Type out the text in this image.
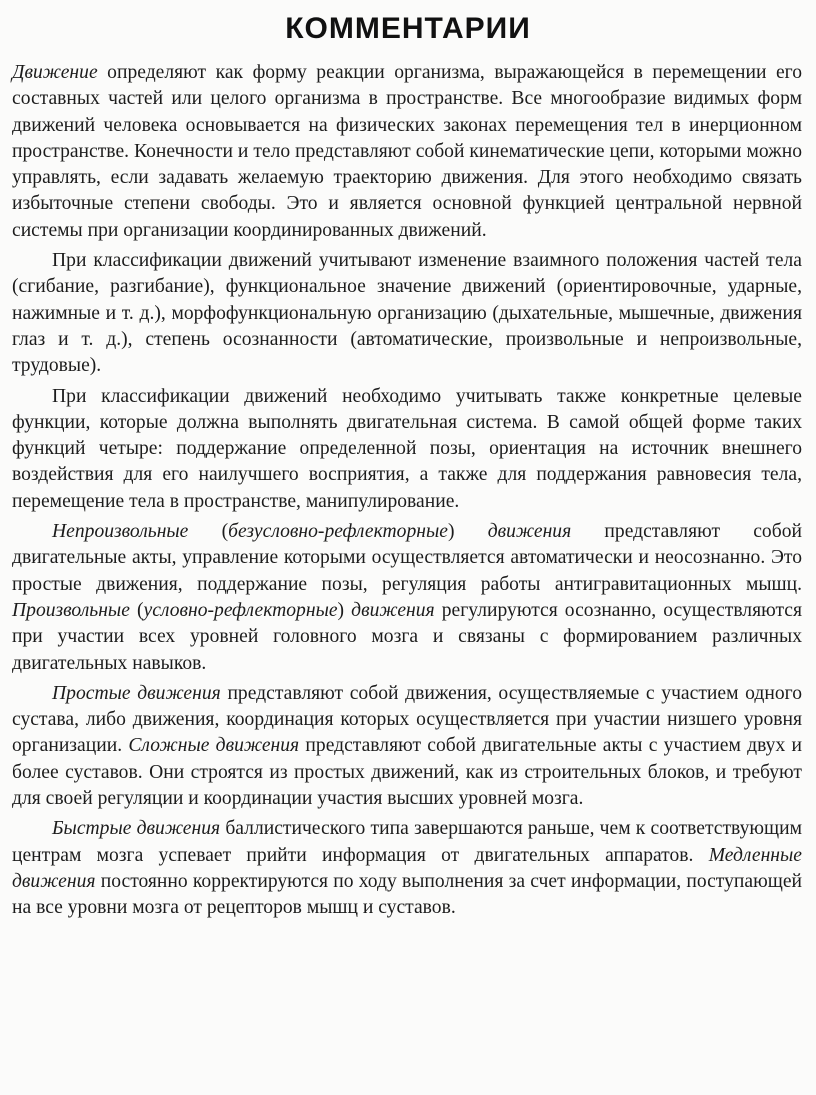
КОММЕНТАРИИ

Движение определяют как форму реакции организма, выражающейся в перемещении его составных частей или целого организма в пространстве. Все многообразие видимых форм движений человека основывается на физических законах перемещения тел в инерционном пространстве. Конечности и тело представляют собой кинематические цепи, которыми можно управлять, если задавать желаемую траекторию движения. Для этого необходимо связать избыточные степени свободы. Это и является основной функцией центральной нервной системы при организации координированных движений.

При классификации движений учитывают изменение взаимного положения частей тела (сгибание, разгибание), функциональное значение движений (ориентировочные, ударные, нажимные и т. д.), морфофункциональную организацию (дыхательные, мышечные, движения глаз и т. д.), степень осознанности (автоматические, произвольные и непроизвольные, трудовые).

При классификации движений необходимо учитывать также конкретные целевые функции, которые должна выполнять двигательная система. В самой общей форме таких функций четыре: поддержание определенной позы, ориентация на источник внешнего воздействия для его наилучшего восприятия, а также для поддержания равновесия тела, перемещение тела в пространстве, манипулирование.

Непроизвольные (безусловно-рефлекторные) движения представляют собой двигательные акты, управление которыми осуществляется автоматически и неосознанно. Это простые движения, поддержание позы, регуляция работы антигравитационных мышц. Произвольные (условно-рефлекторные) движения регулируются осознанно, осуществляются при участии всех уровней головного мозга и связаны с формированием различных двигательных навыков.

Простые движения представляют собой движения, осуществляемые с участием одного сустава, либо движения, координация которых осуществляется при участии низшего уровня организации. Сложные движения представляют собой двигательные акты с участием двух и более суставов. Они строятся из простых движений, как из строительных блоков, и требуют для своей регуляции и координации участия высших уровней мозга.

Быстрые движения баллистического типа завершаются раньше, чем к соответствующим центрам мозга успевает прийти информация от двигательных аппаратов. Медленные движения постоянно корректируются по ходу выполнения за счет информации, поступающей на все уровни мозга от рецепторов мышц и суставов.
